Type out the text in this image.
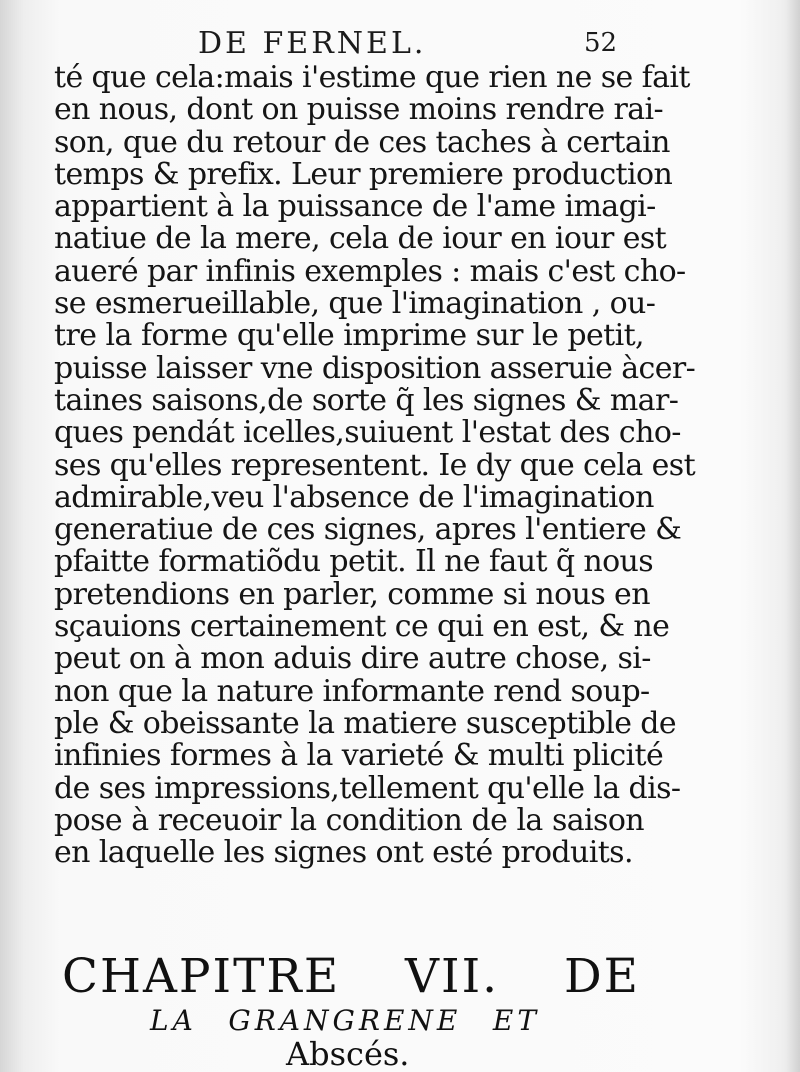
DE FERNEL.	52
té que cela:mais i'estime que rien ne se fait
en nous, dont on puisse moins rendre rai-
son, que du retour de ces taches à certain
temps & prefix. Leur premiere production
appartient à la puissance de l'ame imagi-
natiue de la mere, cela de iour en iour est
aueré par infinis exemples : mais c'est cho-
se esmerueillable, que l'imagination , ou-
tre la forme qu'elle imprime sur le petit,
puisse laisser vne disposition asseruie àcer-
taines saisons,de sorte q̃ les signes & mar-
ques pendát icelles,suiuent l'estat des cho-
ses qu'elles representent. Ie dy que cela est
admirable,veu l'absence de l'imagination
generatiue de ces signes, apres l'entiere &
pfaitte formatiõdu petit. Il ne faut q̃ nous
pretendions en parler, comme si nous en
sçauions certainement ce qui en est, & ne
peut on à mon aduis dire autre chose, si-
non que la nature informante rend soup-
ple & obeissante la matiere susceptible de
infinies formes à la varieté & multi plicité
de ses impressions,tellement qu'elle la dis-
pose à receuoir la condition de la saison
en laquelle les signes ont esté produits.
CHAPITRE VII. DE
LA GRANGRENE ET
Abscés.
